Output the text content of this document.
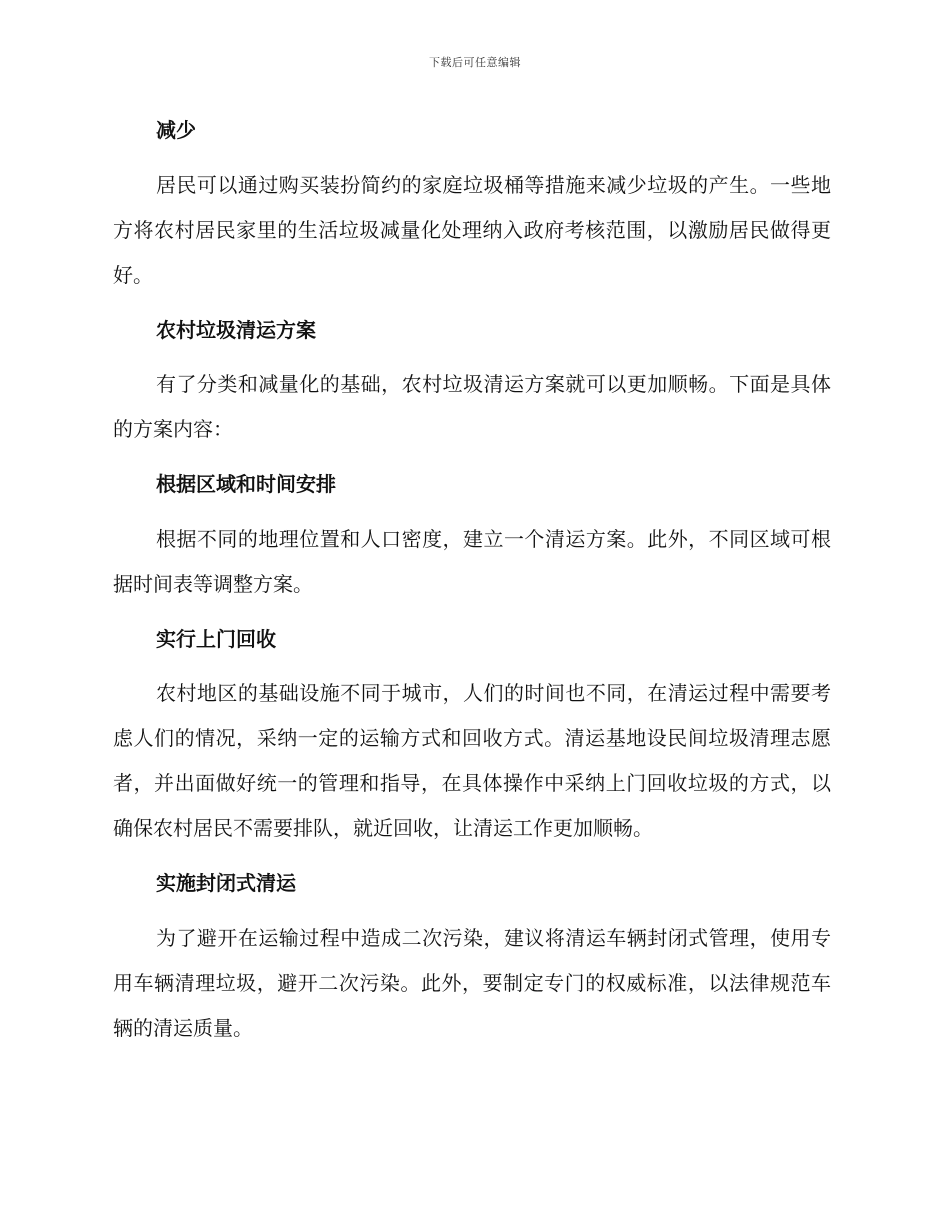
下载后可任意编辑
减少

居民可以通过购买装扮简约的家庭垃圾桶等措施来减少垃圾的产生。一些地方将农村居民家里的生活垃圾减量化处理纳入政府考核范围，以激励居民做得更好。

农村垃圾清运方案

有了分类和减量化的基础，农村垃圾清运方案就可以更加顺畅。下面是具体的方案内容：

根据区域和时间安排

根据不同的地理位置和人口密度，建立一个清运方案。此外，不同区域可根据时间表等调整方案。

实行上门回收

农村地区的基础设施不同于城市，人们的时间也不同，在清运过程中需要考虑人们的情况，采纳一定的运输方式和回收方式。清运基地设民间垃圾清理志愿者，并出面做好统一的管理和指导，在具体操作中采纳上门回收垃圾的方式，以确保农村居民不需要排队，就近回收，让清运工作更加顺畅。

实施封闭式清运

为了避开在运输过程中造成二次污染，建议将清运车辆封闭式管理，使用专用车辆清理垃圾，避开二次污染。此外，要制定专门的权威标准，以法律规范车辆的清运质量。
